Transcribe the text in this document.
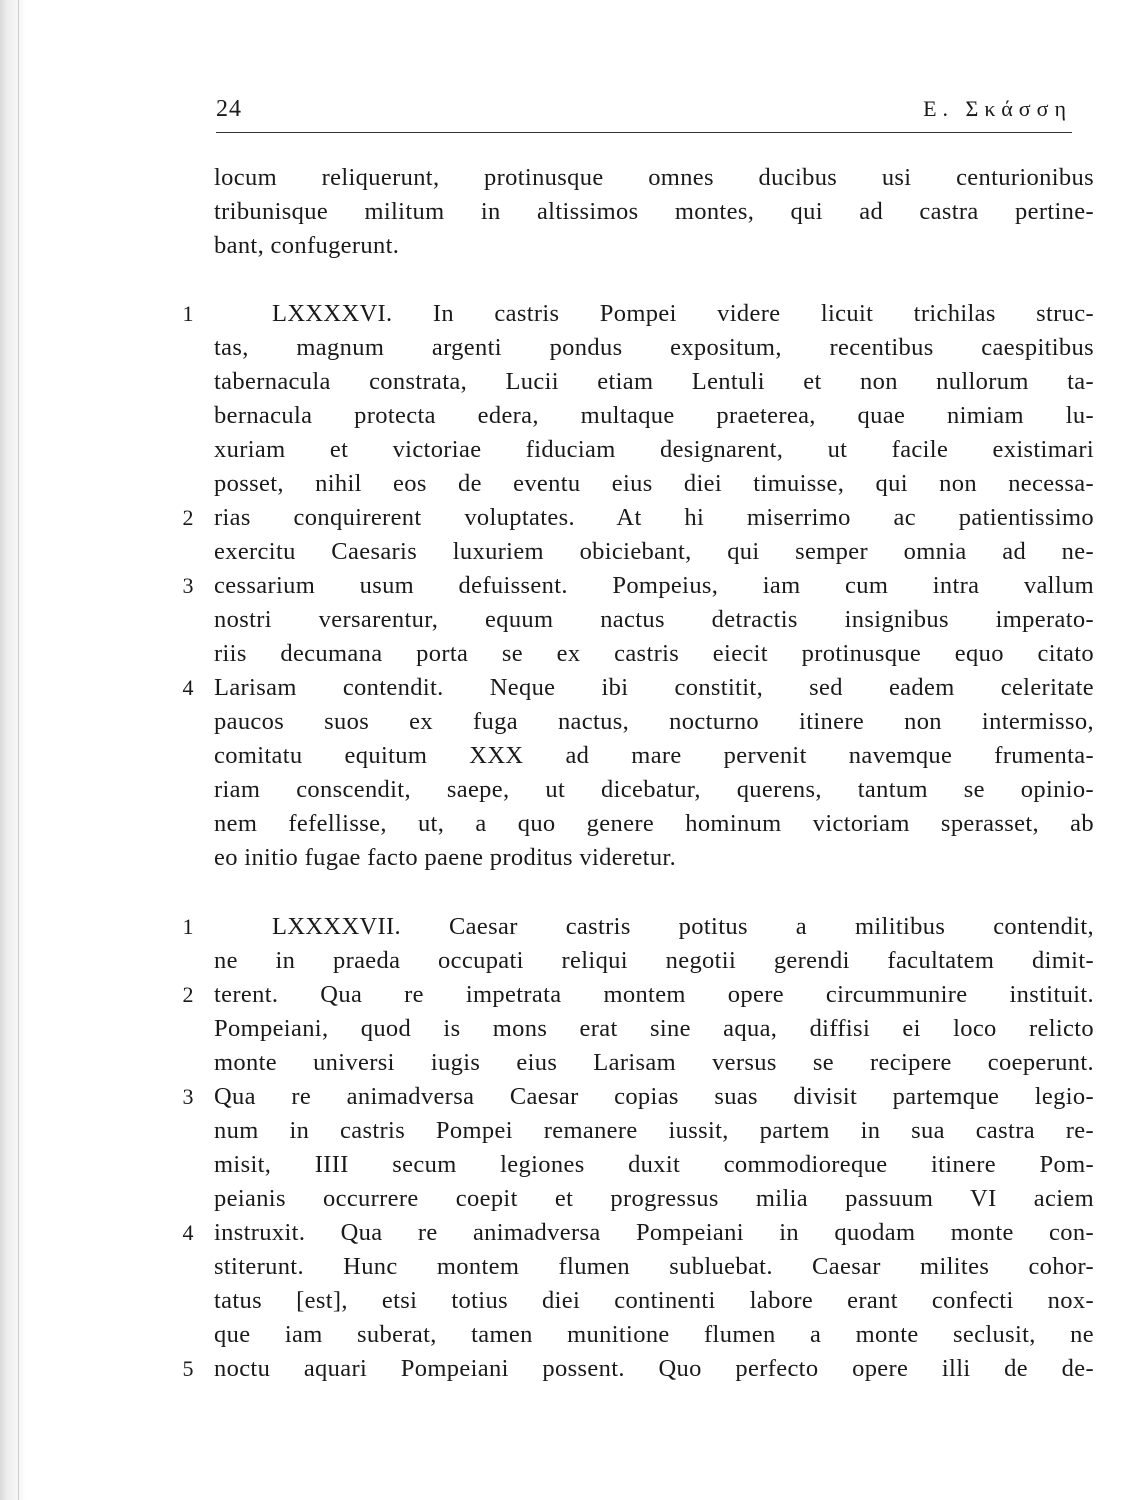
24	Ε. Σκάσση
locum reliquerunt, protinusque omnes ducibus usi centurionibus
tribunisque militum in altissimos montes, qui ad castra pertine-
bant, confugerunt.
1	LXXXXVI. In castris Pompei videre licuit trichilas struc-
tas, magnum argenti pondus expositum, recentibus caespitibus
tabernacula constrata, Lucii etiam Lentuli et non nullorum ta-
bernacula protecta edera, multaque praeterea, quae nimiam lu-
xuriam et victoriae fiduciam designarent, ut facile existimari
posset, nihil eos de eventu eius diei timuisse, qui non necessa-
2 rias conquirerent voluptates. At hi miserrimo ac patientissimo
exercitu Caesaris luxuriem obiciebant, qui semper omnia ad ne-
3 cessarium usum defuissent. Pompeius, iam cum intra vallum
nostri versarentur, equum nactus detractis insignibus imperato-
riis decumana porta se ex castris eiecit protinusque equo citato
4 Larisam contendit. Neque ibi constitit, sed eadem celeritate
paucos suos ex fuga nactus, nocturno itinere non intermisso,
comitatu equitum XXX ad mare pervenit navemque frumenta-
riam conscendit, saepe, ut dicebatur, querens, tantum se opinio-
nem fefellisse, ut, a quo genere hominum victoriam sperasset, ab
eo initio fugae facto paene proditus videretur.
1	LXXXXVII. Caesar castris potitus a militibus contendit,
ne in praeda occupati reliqui negotii gerendi facultatem dimit-
2 terent. Qua re impetrata montem opere circummunire instituit.
Pompeiani, quod is mons erat sine aqua, diffisi ei loco relicto
monte universi iugis eius Larisam versus se recipere coeperunt.
3 Qua re animadversa Caesar copias suas divisit partemque legio-
num in castris Pompei remanere iussit, partem in sua castra re-
misit, IIII secum legiones duxit commodioreque itinere Pom-
peianis occurrere coepit et progressus milia passuum VI aciem
4 instruxit. Qua re animadversa Pompeiani in quodam monte con-
stiterunt. Hunc montem flumen subluebat. Caesar milites cohor-
tatus [est], etsi totius diei continenti labore erant confecti nox-
que iam suberat, tamen munitione flumen a monte seclusit, ne
5 noctu aquari Pompeiani possent. Quo perfecto opere illi de de-
